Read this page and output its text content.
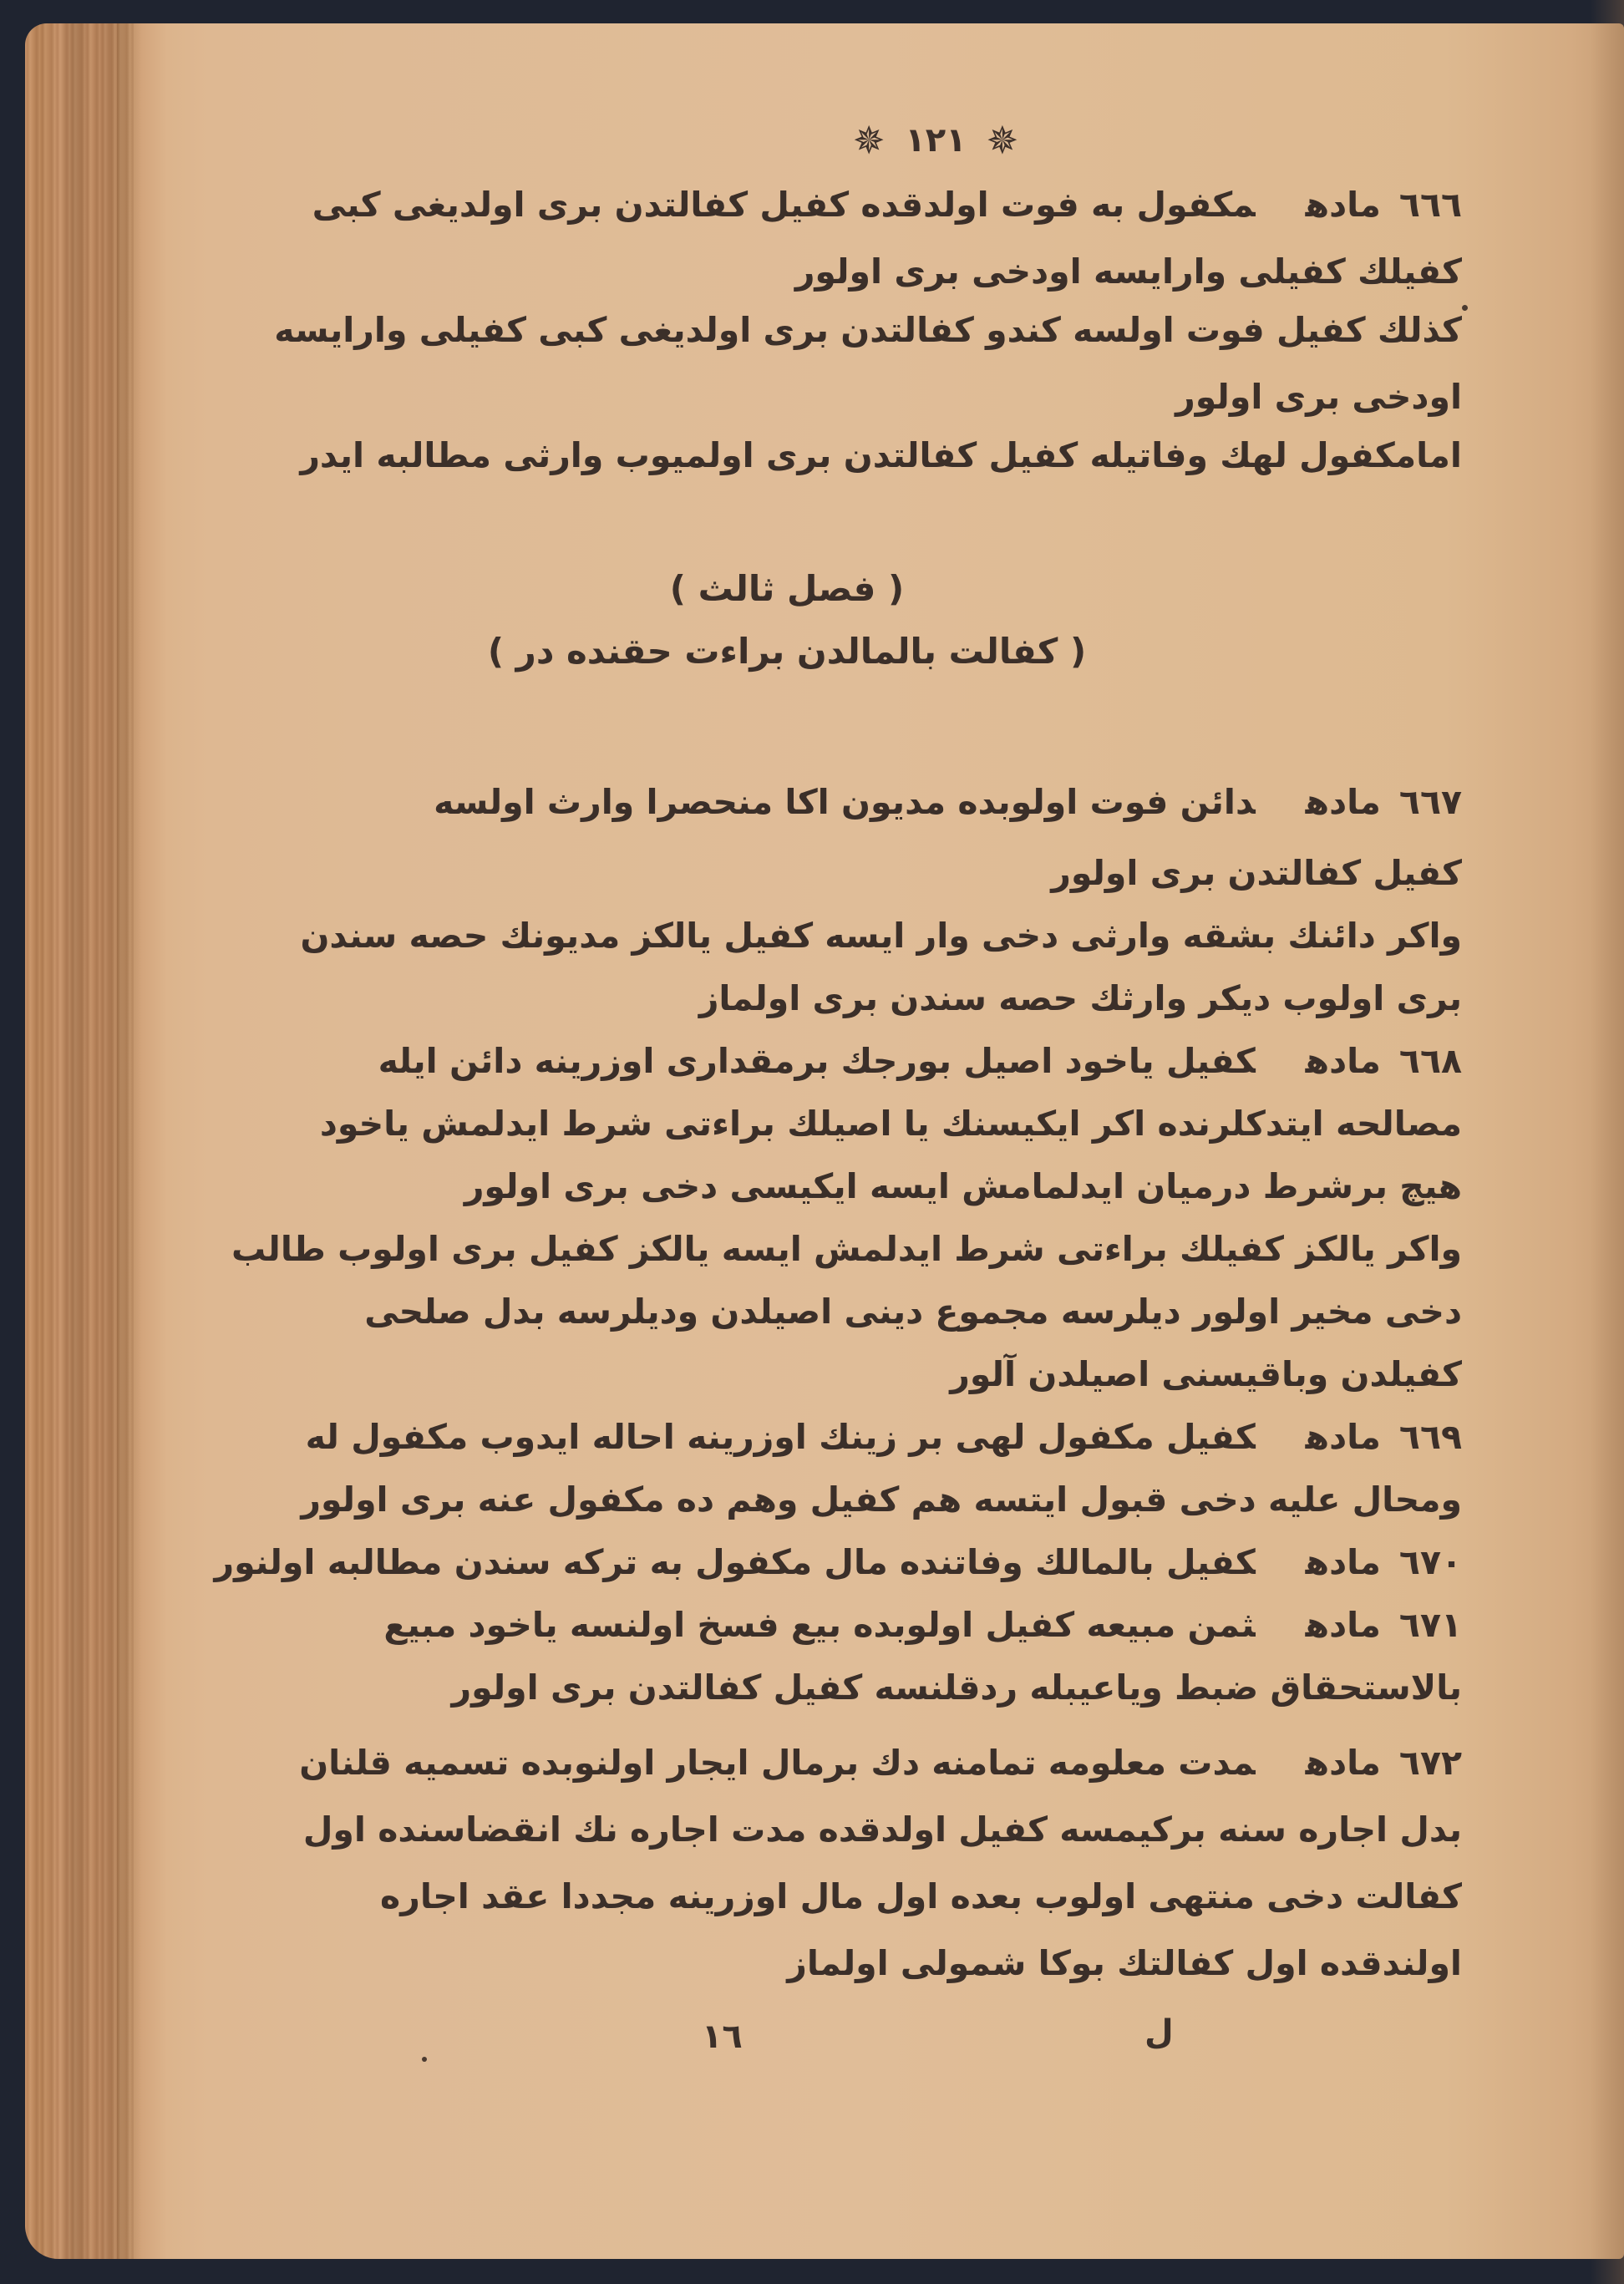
✵
١٢١
✵
٦٦٦مادهمكفول به فوت اولدقده كفيل كفالتدن برى اولديغى كبى
كفيلك كفيلى وارايسه اودخى برى اولور
كذلك كفيل فوت اولسه كندو كفالتدن برى اولديغى كبى كفيلى وارايسه
اودخى برى اولور
امامكفول لهك وفاتيله كفيل كفالتدن برى اولميوب وارثى مطالبه ايدر
( فصل ثالث )
( كفالت بالمالدن براءت حقنده در )
٦٦٧مادهدائن فوت اولوبده مديون اكا منحصرا وارث اولسه
كفيل كفالتدن برى اولور
واكر دائنك بشقه وارثى دخى وار ايسه كفيل يالكز مديونك حصه سندن
برى اولوب ديكر وارثك حصه سندن برى اولماز
٦٦٨مادهكفيل ياخود اصيل بورجك برمقدارى اوزرينه دائن ايله
مصالحه ايتدكلرنده اكر ايكيسنك يا اصيلك براءتى شرط ايدلمش ياخود
هيچ برشرط درميان ايدلمامش ايسه ايكيسى دخى برى اولور
واكر يالكز كفيلك براءتى شرط ايدلمش ايسه يالكز كفيل برى اولوب طالب
دخى مخير اولور ديلرسه مجموع دينى اصيلدن وديلرسه بدل صلحى
كفيلدن وباقيسنى اصيلدن آلور
٦٦٩مادهكفيل مكفول لهى بر زينك اوزرينه احاله ايدوب مكفول له
ومحال عليه دخى قبول ايتسه هم كفيل وهم ده مكفول عنه برى اولور
٦٧٠مادهكفيل بالمالك وفاتنده مال مكفول به تركه سندن مطالبه اولنور
٦٧١مادهثمن مبيعه كفيل اولوبده بيع فسخ اولنسه ياخود مبيع
بالاستحقاق ضبط وياعيبله ردقلنسه كفيل كفالتدن برى اولور
٦٧٢مادهمدت معلومه تمامنه دك برمال ايجار اولنوبده تسميه قلنان
بدل اجاره سنه بركيمسه كفيل اولدقده مدت اجاره نك انقضاسنده اول
كفالت دخى منتهى اولوب بعده اول مال اوزرينه مجددا عقد اجاره
اولندقده اول كفالتك بوكا شمولى اولماز
١٦	ل
